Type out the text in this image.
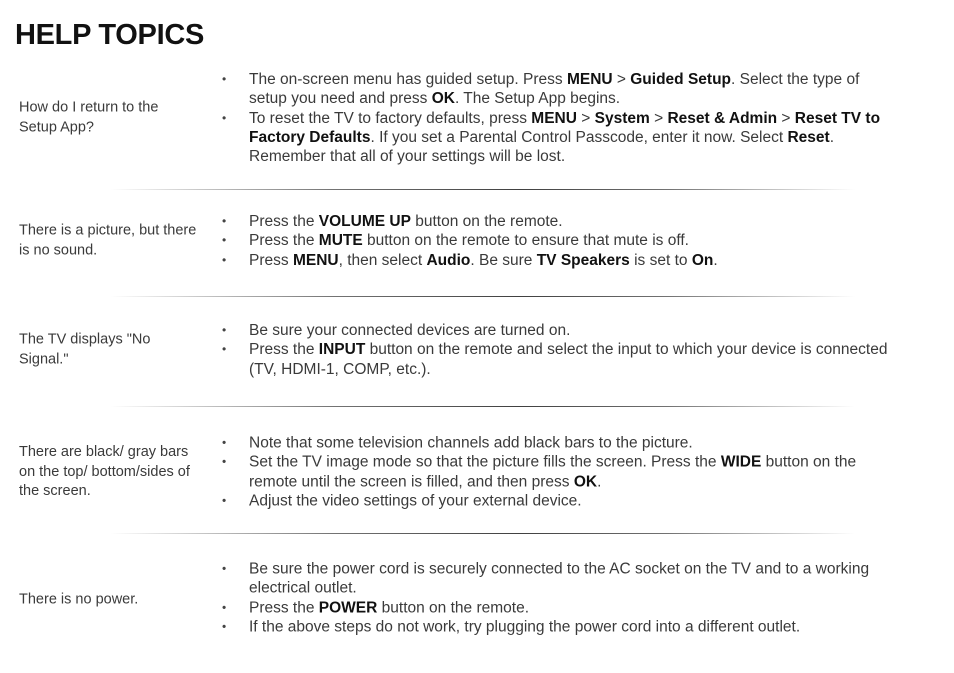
HELP TOPICS
How do I return to the Setup App?
• The on-screen menu has guided setup. Press MENU > Guided Setup. Select the type of setup you need and press OK. The Setup App begins.
• To reset the TV to factory defaults, press MENU > System > Reset & Admin > Reset TV to Factory Defaults. If you set a Parental Control Passcode, enter it now. Select Reset. Remember that all of your settings will be lost.
There is a picture, but there is no sound.
• Press the VOLUME UP button on the remote.
• Press the MUTE button on the remote to ensure that mute is off.
• Press MENU, then select Audio. Be sure TV Speakers is set to On.
The TV displays "No Signal."
• Be sure your connected devices are turned on.
• Press the INPUT button on the remote and select the input to which your device is connected (TV, HDMI-1, COMP, etc.).
There are black/ gray bars on the top/ bottom/sides of the screen.
• Note that some television channels add black bars to the picture.
• Set the TV image mode so that the picture fills the screen. Press the WIDE button on the remote until the screen is filled, and then press OK.
• Adjust the video settings of your external device.
There is no power.
• Be sure the power cord is securely connected to the AC socket on the TV and to a working electrical outlet.
• Press the POWER button on the remote.
• If the above steps do not work, try plugging the power cord into a different outlet.
